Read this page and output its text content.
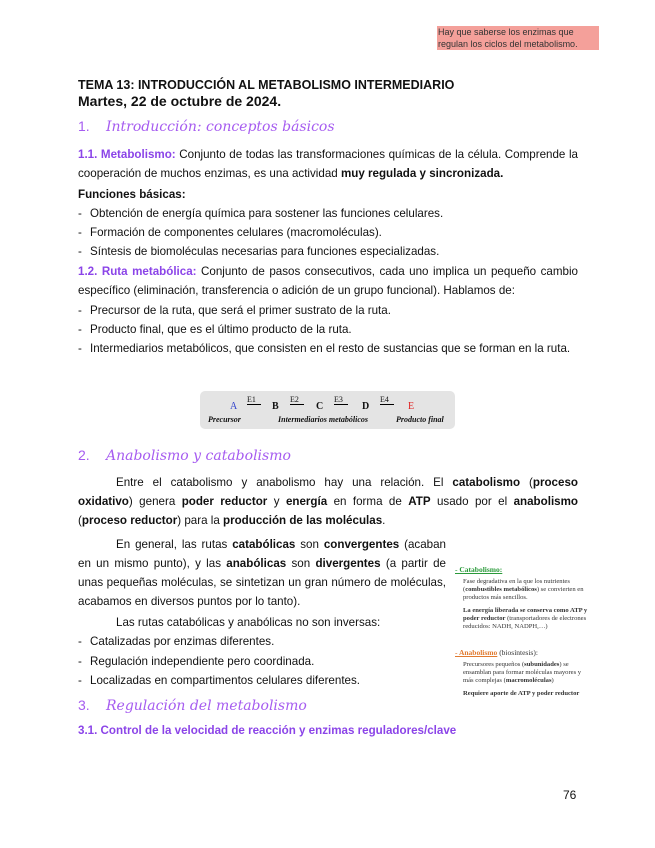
Hay que saberse los enzimas que regulan los ciclos del metabolismo.
TEMA 13: INTRODUCCIÓN AL METABOLISMO INTERMEDIARIO
Martes, 22 de octubre de 2024.
1. Introducción: conceptos básicos
1.1. Metabolismo: Conjunto de todas las transformaciones químicas de la célula. Comprende la cooperación de muchos enzimas, es una actividad muy regulada y sincronizada.
Funciones básicas:
- Obtención de energía química para sostener las funciones celulares.
- Formación de componentes celulares (macromoléculas).
- Síntesis de biomoléculas necesarias para funciones especializadas.
1.2. Ruta metabólica: Conjunto de pasos consecutivos, cada uno implica un pequeño cambio específico (eliminación, transferencia o adición de un grupo funcional). Hablamos de:
- Precursor de la ruta, que será el primer sustrato de la ruta.
- Producto final, que es el último producto de la ruta.
- Intermediarios metabólicos, que consisten en el resto de sustancias que se forman en la ruta.
A
E1
B
E2
C
E3
D
E4
E
Precursor	Intermediarios metabólicos	Producto final
2. Anabolismo y catabolismo
Entre el catabolismo y anabolismo hay una relación. El catabolismo (proceso oxidativo) genera poder reductor y energía en forma de ATP usado por el anabolismo (proceso reductor) para la producción de las moléculas.
En general, las rutas catabólicas son convergentes (acaban en un mismo punto), y las anabólicas son divergentes (a partir de unas pequeñas moléculas, se sintetizan un gran número de moléculas, acabamos en diversos puntos por lo tanto).
Las rutas catabólicas y anabólicas no son inversas:
- Catalizadas por enzimas diferentes.
- Regulación independiente pero coordinada.
- Localizadas en compartimentos celulares diferentes.
- Catabolismo:
Fase degradativa en la que los nutrientes (combustibles metabólicos) se convierten en productos más sencillos.
La energía liberada se conserva como ATP y poder reductor (transportadores de electrones reducidos: NADH, NADPH,…)
- Anabolismo (biosíntesis):
Precursores pequeños (subunidades) se ensamblan para formar moléculas mayores y más complejas (macromoléculas)
Requiere aporte de ATP y poder reductor
3. Regulación del metabolismo
3.1. Control de la velocidad de reacción y enzimas reguladores/clave
76
